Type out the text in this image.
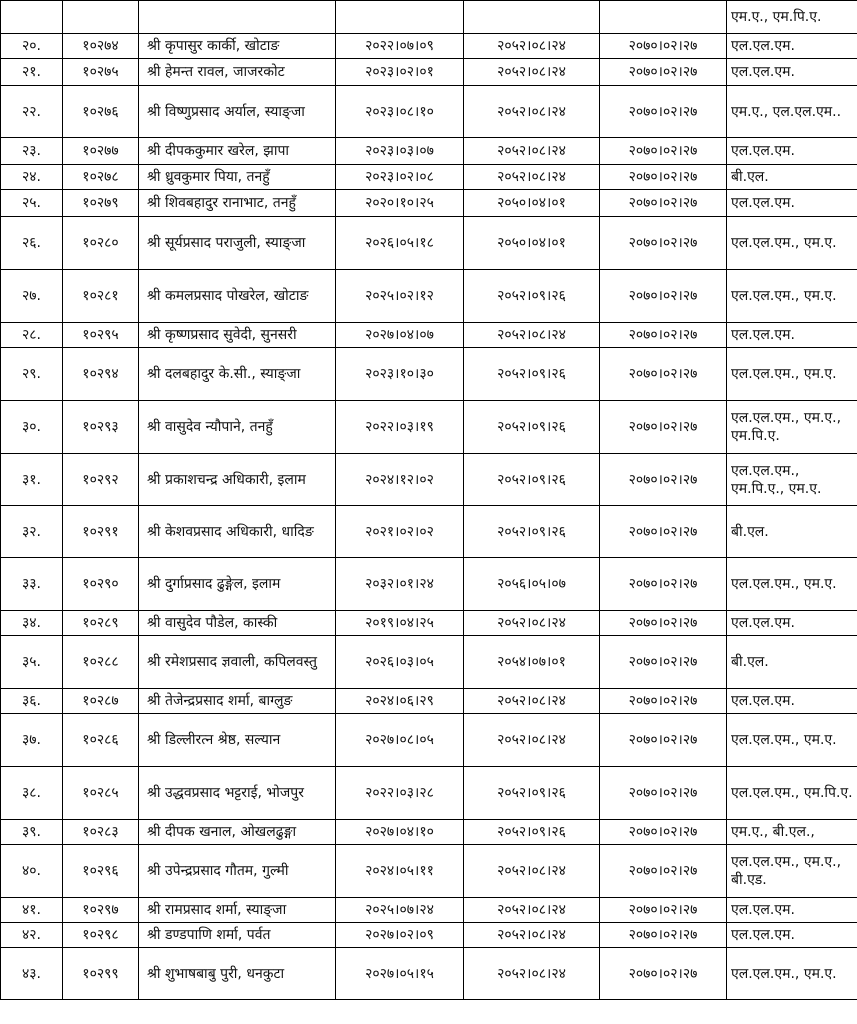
						एम.ए., एम.पि.ए.
२०.	१०२७४	श्री कृपासुर कार्की, खोटाङ	२०२२।०७।०९	२०५२।०८।२४	२०७०।०२।२७	एल.एल.एम.
२१.	१०२७५	श्री हेमन्त रावल, जाजरकोट	२०२३।०२।०१	२०५२।०८।२४	२०७०।०२।२७	एल.एल.एम.
२२.	१०२७६	श्री विष्णुप्रसाद अर्याल, स्याङ्जा	२०२३।०८।१०	२०५२।०८।२४	२०७०।०२।२७	एम.ए., एल.एल.एम..
२३.	१०२७७	श्री दीपककुमार खरेल, झापा	२०२३।०३।०७	२०५२।०८।२४	२०७०।०२।२७	एल.एल.एम.
२४.	१०२७८	श्री ध्रुवकुमार पिया, तनहुँ	२०२३।०२।०८	२०५२।०८।२४	२०७०।०२।२७	बी.एल.
२५.	१०२७९	श्री शिवबहादुर रानाभाट, तनहुँ	२०२०।१०।२५	२०५०।०४।०१	२०७०।०२।२७	एल.एल.एम.
२६.	१०२८०	श्री सूर्यप्रसाद पराजुली, स्याङ्जा	२०२६।०५।१८	२०५०।०४।०१	२०७०।०२।२७	एल.एल.एम., एम.ए.
२७.	१०२८१	श्री कमलप्रसाद पोखरेल, खोटाङ	२०२५।०२।१२	२०५२।०९।२६	२०७०।०२।२७	एल.एल.एम., एम.ए.
२८.	१०२९५	श्री कृष्णप्रसाद सुवेदी, सुनसरी	२०२७।०४।०७	२०५२।०८।२४	२०७०।०२।२७	एल.एल.एम.
२९.	१०२९४	श्री दलबहादुर के.सी., स्याङ्जा	२०२३।१०।३०	२०५२।०९।२६	२०७०।०२।२७	एल.एल.एम., एम.ए.
३०.	१०२९३	श्री वासुदेव न्यौपाने, तनहुँ	२०२२।०३।१९	२०५२।०९।२६	२०७०।०२।२७	एल.एल.एम., एम.ए., एम.पि.ए.
३१.	१०२९२	श्री प्रकाशचन्द्र अधिकारी, इलाम	२०२४।१२।०२	२०५२।०९।२६	२०७०।०२।२७	एल.एल.एम., एम.पि.ए., एम.ए.
३२.	१०२९१	श्री केशवप्रसाद अधिकारी, धादिङ	२०२१।०२।०२	२०५२।०९।२६	२०७०।०२।२७	बी.एल.
३३.	१०२९०	श्री दुर्गाप्रसाद ढुङ्गेल, इलाम	२०३२।०१।२४	२०५६।०५।०७	२०७०।०२।२७	एल.एल.एम., एम.ए.
३४.	१०२८९	श्री वासुदेव पौडेल, कास्की	२०१९।०४।२५	२०५२।०८।२४	२०७०।०२।२७	एल.एल.एम.
३५.	१०२८८	श्री रमेशप्रसाद ज्ञवाली, कपिलवस्तु	२०२६।०३।०५	२०५४।०७।०१	२०७०।०२।२७	बी.एल.
३६.	१०२८७	श्री तेजेन्द्रप्रसाद शर्मा, बाग्लुङ	२०२४।०६।२९	२०५२।०८।२४	२०७०।०२।२७	एल.एल.एम.
३७.	१०२८६	श्री डिल्लीरत्न श्रेष्ठ, सल्यान	२०२७।०८।०५	२०५२।०८।२४	२०७०।०२।२७	एल.एल.एम., एम.ए.
३८.	१०२८५	श्री उद्धवप्रसाद भट्टराई, भोजपुर	२०२२।०३।२८	२०५२।०९।२६	२०७०।०२।२७	एल.एल.एम., एम.पि.ए.
३९.	१०२८३	श्री दीपक खनाल, ओखलढुङ्गा	२०२७।०४।१०	२०५२।०९।२६	२०७०।०२।२७	एम.ए., बी.एल.,
४०.	१०२९६	श्री उपेन्द्रप्रसाद गौतम, गुल्मी	२०२४।०५।११	२०५२।०८।२४	२०७०।०२।२७	एल.एल.एम., एम.ए., बी.एड.
४१.	१०२९७	श्री रामप्रसाद शर्मा, स्याङ्जा	२०२५।०७।२४	२०५२।०८।२४	२०७०।०२।२७	एल.एल.एम.
४२.	१०२९८	श्री डण्डपाणि शर्मा, पर्वत	२०२७।०२।०९	२०५२।०८।२४	२०७०।०२।२७	एल.एल.एम.
४३.	१०२९९	श्री शुभाषबाबु पुरी, धनकुटा	२०२७।०५।१५	२०५२।०८।२४	२०७०।०२।२७	एल.एल.एम., एम.ए.
